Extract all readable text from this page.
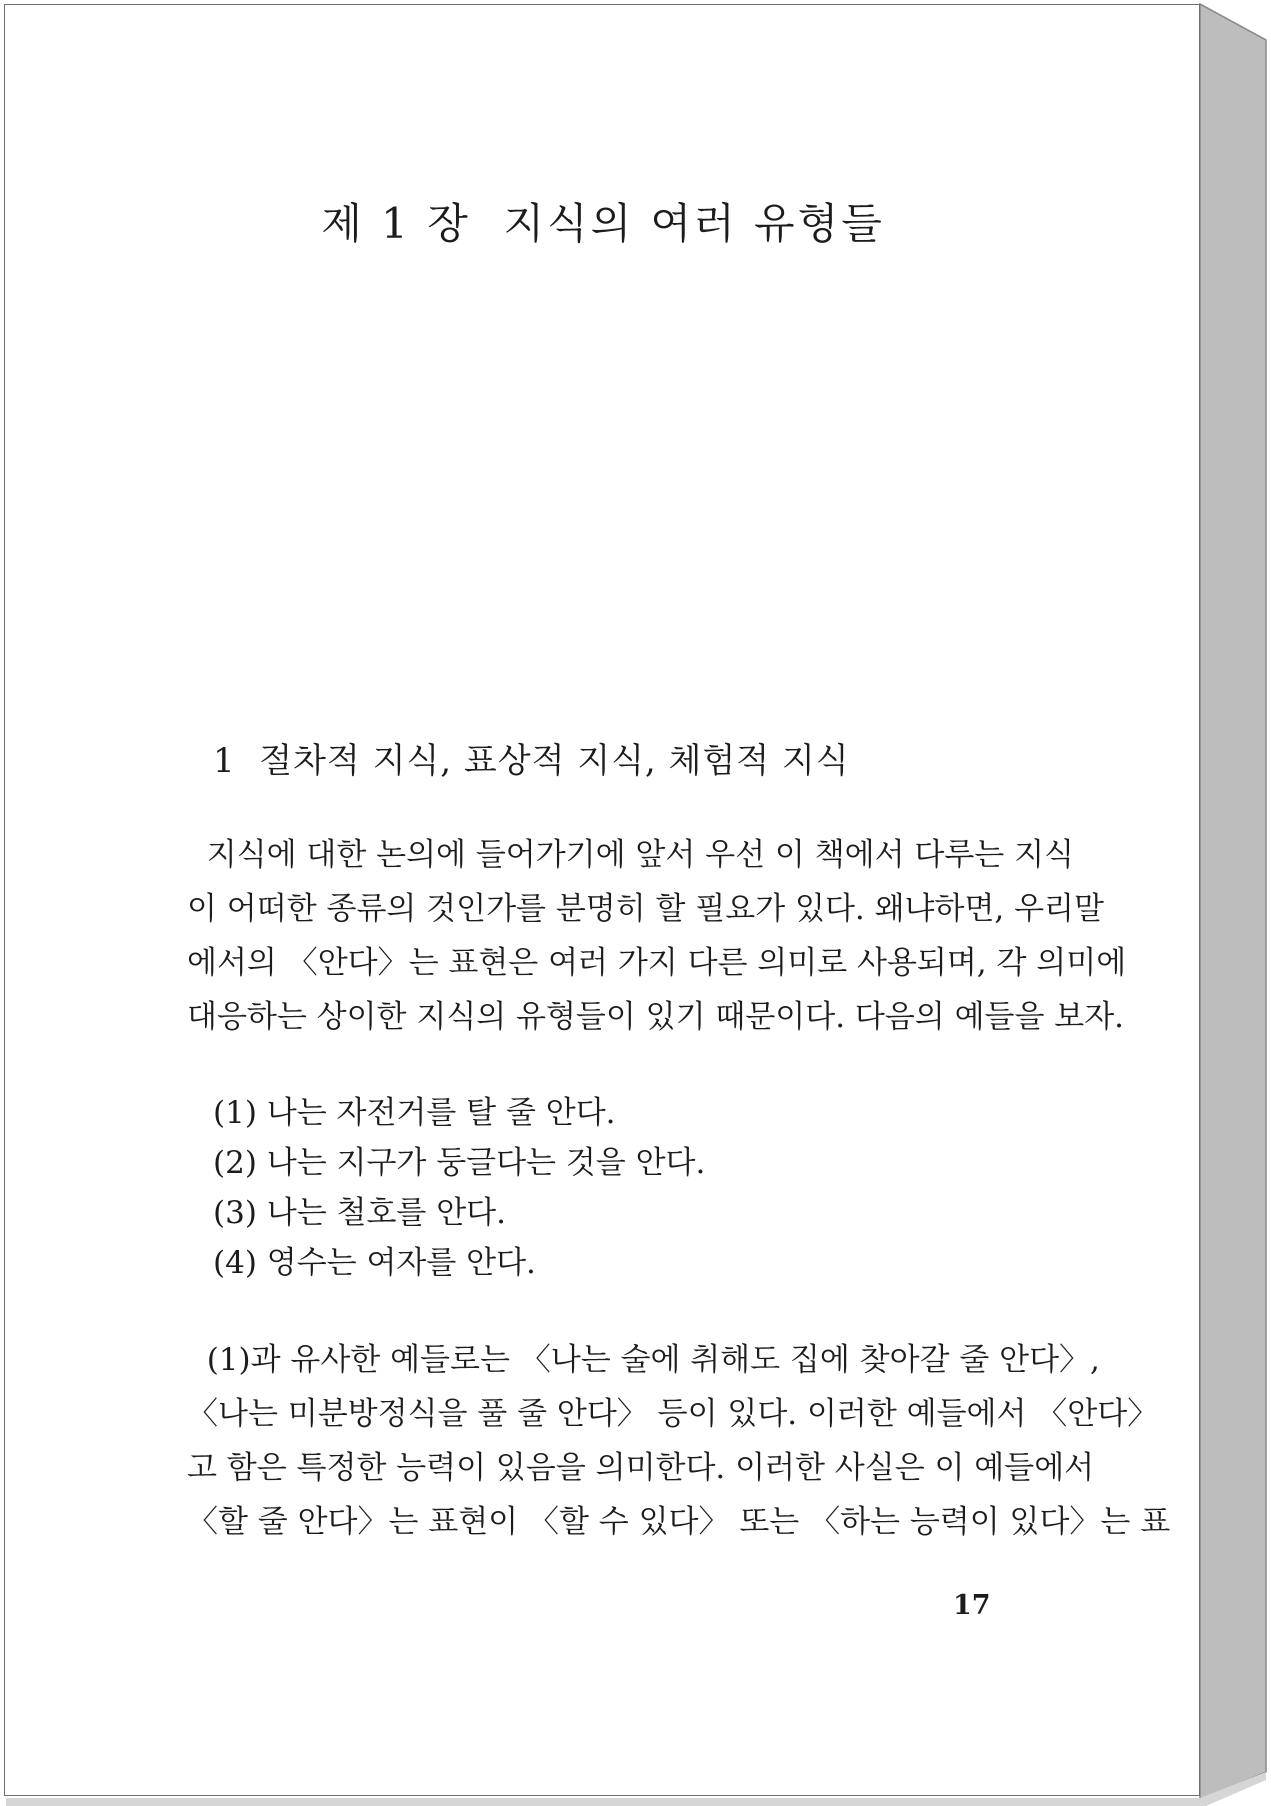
제 1 장  지식의 여러 유형들
1  절차적 지식, 표상적 지식, 체험적 지식
지식에 대한 논의에 들어가기에 앞서 우선 이 책에서 다루는 지식
이 어떠한 종류의 것인가를 분명히 할 필요가 있다. 왜냐하면, 우리말
에서의 〈안다〉는 표현은 여러 가지 다른 의미로 사용되며, 각 의미에
대응하는 상이한 지식의 유형들이 있기 때문이다. 다음의 예들을 보자.
(1) 나는 자전거를 탈 줄 안다.
(2) 나는 지구가 둥글다는 것을 안다.
(3) 나는 철호를 안다.
(4) 영수는 여자를 안다.
(1)과 유사한 예들로는 〈나는 술에 취해도 집에 찾아갈 줄 안다〉,
〈나는 미분방정식을 풀 줄 안다〉 등이 있다. 이러한 예들에서 〈안다〉
고 함은 특정한 능력이 있음을 의미한다. 이러한 사실은 이 예들에서
〈할 줄 안다〉는 표현이 〈할 수 있다〉 또는 〈하는 능력이 있다〉는 표
17
